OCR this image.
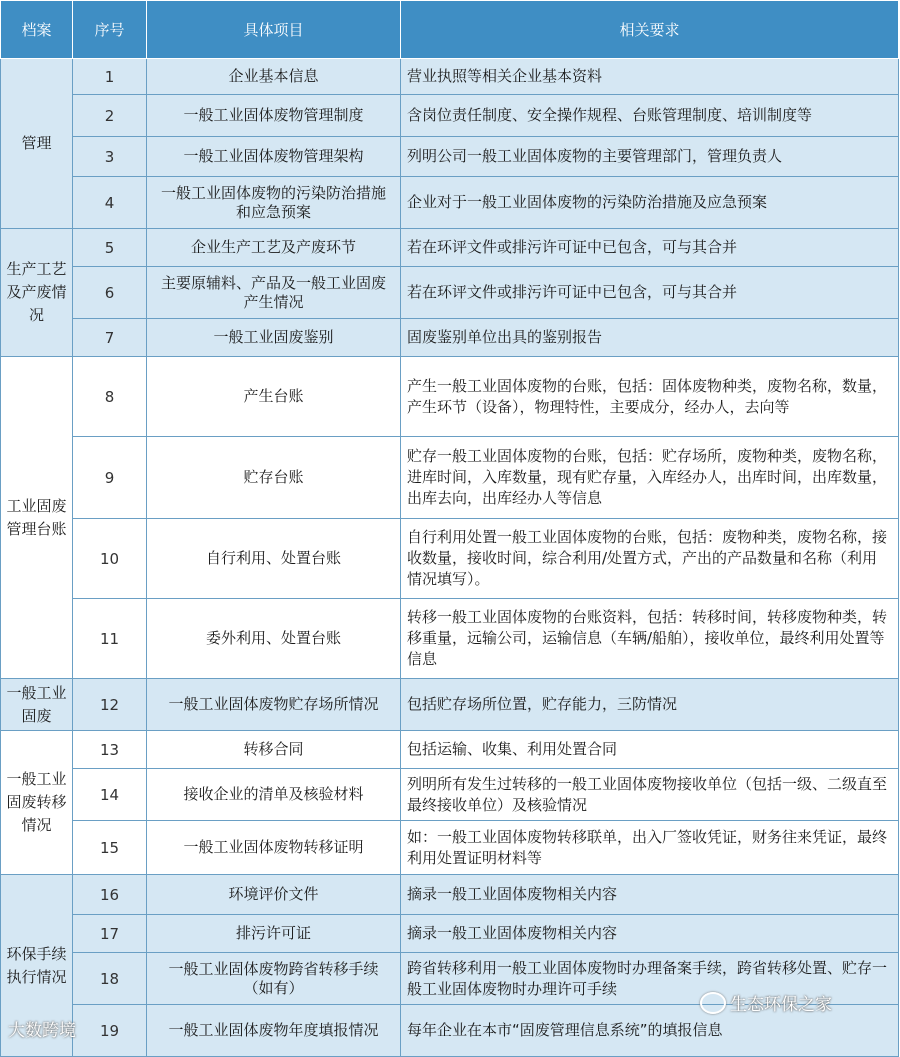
档案	序号	具体项目	相关要求
管理	1	企业基本信息	营业执照等相关企业基本资料
	2	一般工业固体废物管理制度	含岗位责任制度、安全操作规程、台账管理制度、培训制度等
	3	一般工业固体废物管理架构	列明公司一般工业固体废物的主要管理部门，管理负责人
	4	一般工业固体废物的污染防治措施和应急预案	企业对于一般工业固体废物的污染防治措施及应急预案
生产工艺及产废情况	5	企业生产工艺及产废环节	若在环评文件或排污许可证中已包含，可与其合并
	6	主要原辅料、产品及一般工业固废产生情况	若在环评文件或排污许可证中已包含，可与其合并
	7	一般工业固废鉴别	固废鉴别单位出具的鉴别报告
工业固废管理台账	8	产生台账	产生一般工业固体废物的台账，包括：固体废物种类，废物名称，数量，产生环节（设备），物理特性，主要成分，经办人，去向等
	9	贮存台账	贮存一般工业固体废物的台账，包括：贮存场所，废物种类，废物名称，进库时间，入库数量，现有贮存量，入库经办人，出库时间，出库数量，出库去向，出库经办人等信息
	10	自行利用、处置台账	自行利用处置一般工业固体废物的台账，包括：废物种类，废物名称，接收数量，接收时间，综合利用/处置方式，产出的产品数量和名称（利用情况填写）。
	11	委外利用、处置台账	转移一般工业固体废物的台账资料，包括：转移时间，转移废物种类，转移重量，远输公司，运输信息（车辆/船舶），接收单位，最终利用处置等信息
一般工业固废	12	一般工业固体废物贮存场所情况	包括贮存场所位置，贮存能力，三防情况
一般工业固废转移情况	13	转移合同	包括运输、收集、利用处置合同
	14	接收企业的清单及核验材料	列明所有发生过转移的一般工业固体废物接收单位（包括一级、二级直至最终接收单位）及核验情况
	15	一般工业固体废物转移证明	如：一般工业固体废物转移联单，出入厂签收凭证，财务往来凭证，最终利用处置证明材料等
环保手续执行情况	16	环境评价文件	摘录一般工业固体废物相关内容
	17	排污许可证	摘录一般工业固体废物相关内容
	18	一般工业固体废物跨省转移手续（如有）	跨省转移利用一般工业固体废物时办理备案手续，跨省转移处置、贮存一般工业固体废物时办理许可手续
	19	一般工业固体废物年度填报情况	每年企业在本市“固废管理信息系统”的填报信息
大数跨境
生态环保之家
